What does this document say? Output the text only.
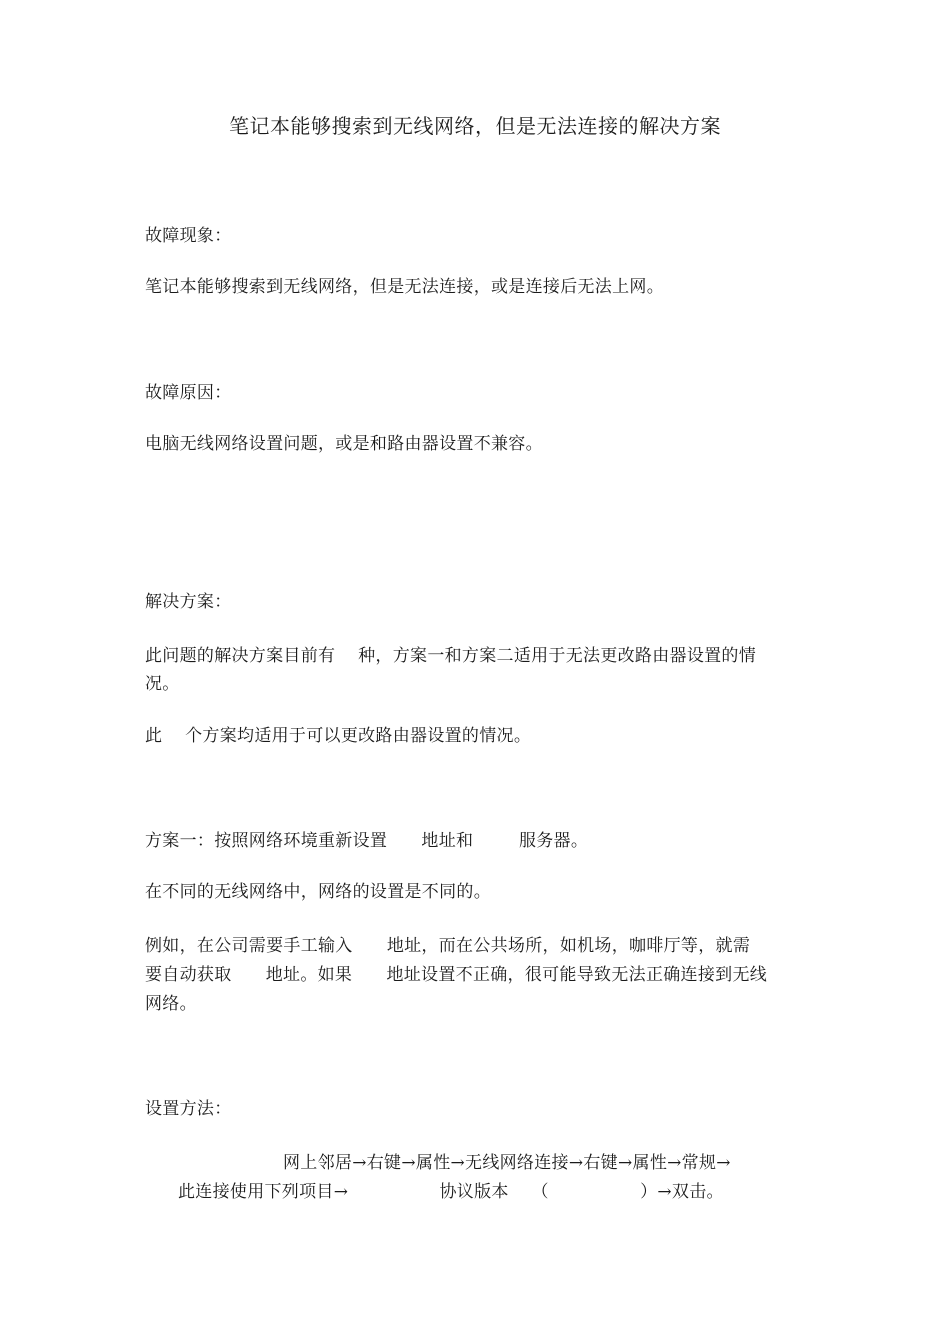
笔记本能够搜索到无线网络，但是无法连接的解决方案
故障现象：
笔记本能够搜索到无线网络，但是无法连接，或是连接后无法上网。
故障原因：
电脑无线网络设置问题，或是和路由器设置不兼容。
解决方案：
此问题的解决方案目前有    种，方案一和方案二适用于无法更改路由器设置的情
况。
此    个方案均适用于可以更改路由器设置的情况。
方案一：按照网络环境重新设置      地址和        服务器。
在不同的无线网络中，网络的设置是不同的。
例如，在公司需要手工输入      地址，而在公共场所，如机场，咖啡厅等，就需
要自动获取      地址。如果      地址设置不正确，很可能导致无法正确连接到无线
网络。
设置方法：
网上邻居→右键→属性→无线网络连接→右键→属性→常规→
此连接使用下列项目→                协议版本    （                ）→双击。
